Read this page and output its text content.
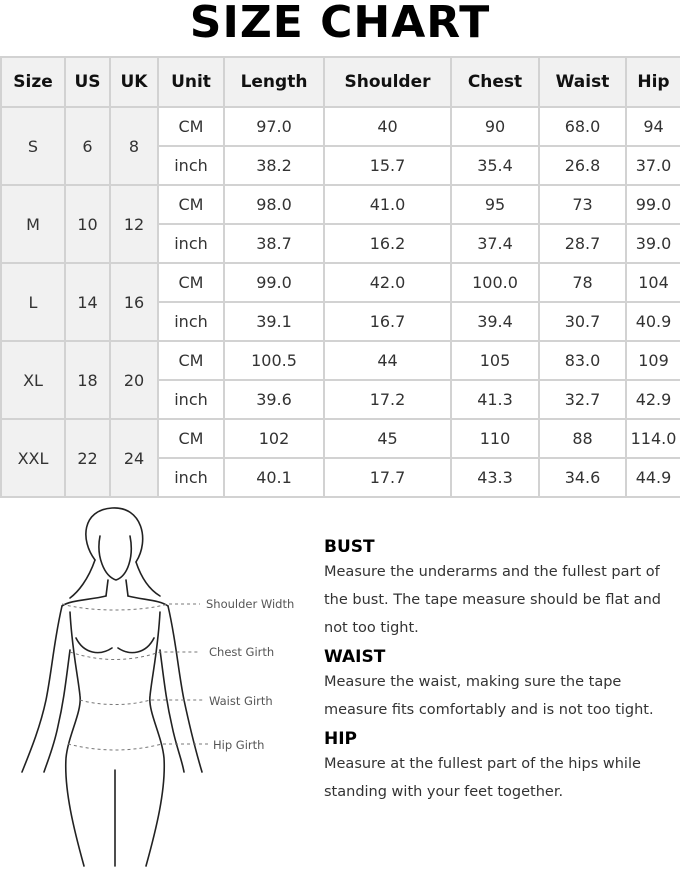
SIZE CHART
Size	US	UK	Unit	Length	Shoulder	Chest	Waist	Hip
S	6	8	CM	97.0	40	90	68.0	94
			inch	38.2	15.7	35.4	26.8	37.0
M	10	12	CM	98.0	41.0	95	73	99.0
			inch	38.7	16.2	37.4	28.7	39.0
L	14	16	CM	99.0	42.0	100.0	78	104
			inch	39.1	16.7	39.4	30.7	40.9
XL	18	20	CM	100.5	44	105	83.0	109
			inch	39.6	17.2	41.3	32.7	42.9
XXL	22	24	CM	102	45	110	88	114.0
			inch	40.1	17.7	43.3	34.6	44.9
Shoulder Width
Chest Girth
Waist Girth
Hip Girth

BUST

Measure the underarms and the fullest part of the bust. The tape measure should be flat and not too tight.

WAIST

Measure the waist, making sure the tape measure fits comfortably and is not too tight.

HIP

Measure at the fullest part of the hips while standing with your feet together.
